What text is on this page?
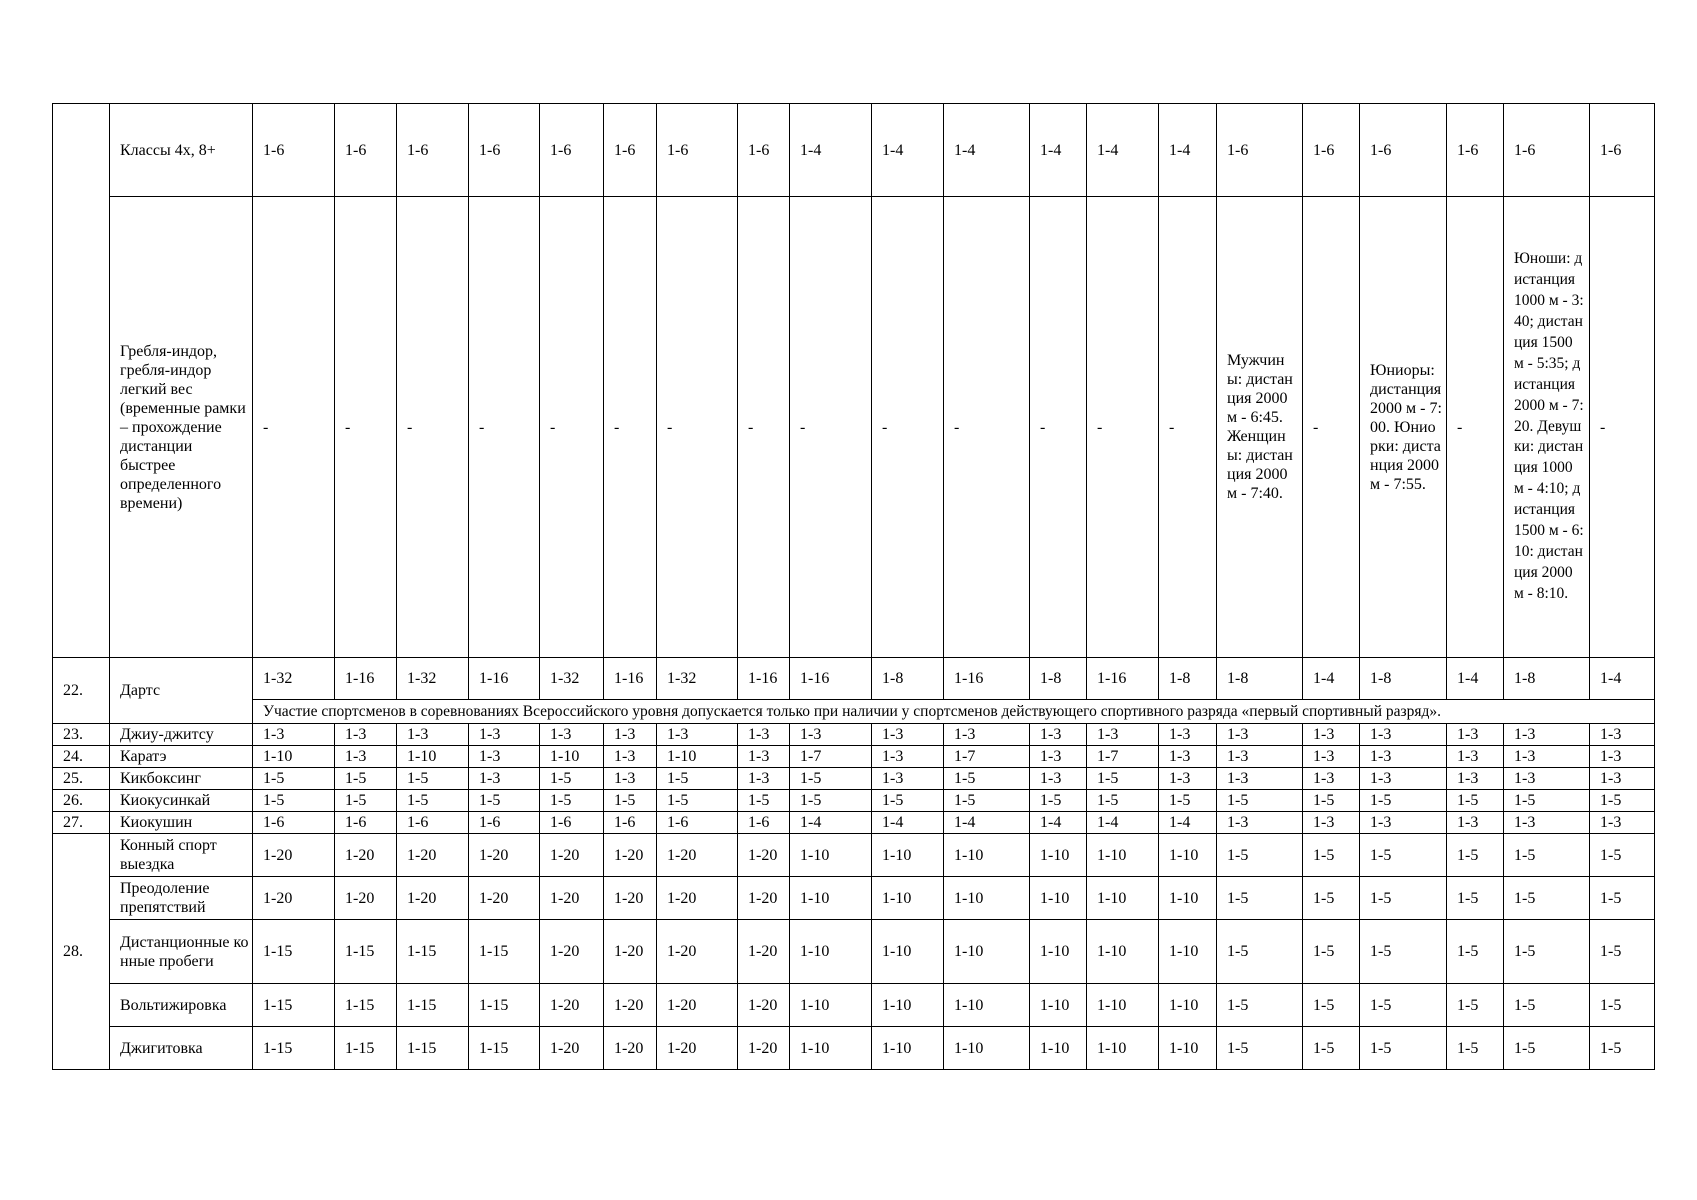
	Классы 4х, 8+	1-6	1-6	1-6	1-6	1-6	1-6	1-6	1-6	1-4	1-4	1-4	1-4	1-4	1-4	1-6	1-6	1-6	1-6	1-6	1-6
	Гребля-индор, гребля-индор легкий вес (временные рамки – прохождение дистанции быстрее определенного времени)	-	-	-	-	-	-	-	-	-	-	-	-	-	-	Мужчины: дистанция 2000 м - 6:45. Женщины: дистанция 2000 м - 7:40.	-	Юниоры: дистанция 2000 м - 7:00. Юниорки: дистанция 2000 м - 7:55.	-	Юноши: дистанция 1000 м - 3:40; дистанция 1500 м - 5:35; дистанция 2000 м - 7:20. Девушки: дистанция 1000 м - 4:10; дистанция 1500 м - 6:10: дистанция 2000 м - 8:10.	-
22.	Дартс	1-32	1-16	1-32	1-16	1-32	1-16	1-32	1-16	1-16	1-8	1-16	1-8	1-16	1-8	1-8	1-4	1-8	1-4	1-8	1-4
		Участие спортсменов в соревнованиях Всероссийского уровня допускается только при наличии у спортсменов действующего спортивного разряда «первый спортивный разряд».																			
23.	Джиу-джитсу	1-3	1-3	1-3	1-3	1-3	1-3	1-3	1-3	1-3	1-3	1-3	1-3	1-3	1-3	1-3	1-3	1-3	1-3	1-3	1-3
24.	Каратэ	1-10	1-3	1-10	1-3	1-10	1-3	1-10	1-3	1-7	1-3	1-7	1-3	1-7	1-3	1-3	1-3	1-3	1-3	1-3	1-3
25.	Кикбоксинг	1-5	1-5	1-5	1-3	1-5	1-3	1-5	1-3	1-5	1-3	1-5	1-3	1-5	1-3	1-3	1-3	1-3	1-3	1-3	1-3
26.	Киокусинкай	1-5	1-5	1-5	1-5	1-5	1-5	1-5	1-5	1-5	1-5	1-5	1-5	1-5	1-5	1-5	1-5	1-5	1-5	1-5	1-5
27.	Киокушин	1-6	1-6	1-6	1-6	1-6	1-6	1-6	1-6	1-4	1-4	1-4	1-4	1-4	1-4	1-3	1-3	1-3	1-3	1-3	1-3
28.	Конный спорт выездка	1-20	1-20	1-20	1-20	1-20	1-20	1-20	1-20	1-10	1-10	1-10	1-10	1-10	1-10	1-5	1-5	1-5	1-5	1-5	1-5
	Преодоление препятствий	1-20	1-20	1-20	1-20	1-20	1-20	1-20	1-20	1-10	1-10	1-10	1-10	1-10	1-10	1-5	1-5	1-5	1-5	1-5	1-5
	Дистанционные конные пробеги	1-15	1-15	1-15	1-15	1-20	1-20	1-20	1-20	1-10	1-10	1-10	1-10	1-10	1-10	1-5	1-5	1-5	1-5	1-5	1-5
	Вольтижировка	1-15	1-15	1-15	1-15	1-20	1-20	1-20	1-20	1-10	1-10	1-10	1-10	1-10	1-10	1-5	1-5	1-5	1-5	1-5	1-5
	Джигитовка	1-15	1-15	1-15	1-15	1-20	1-20	1-20	1-20	1-10	1-10	1-10	1-10	1-10	1-10	1-5	1-5	1-5	1-5	1-5	1-5
